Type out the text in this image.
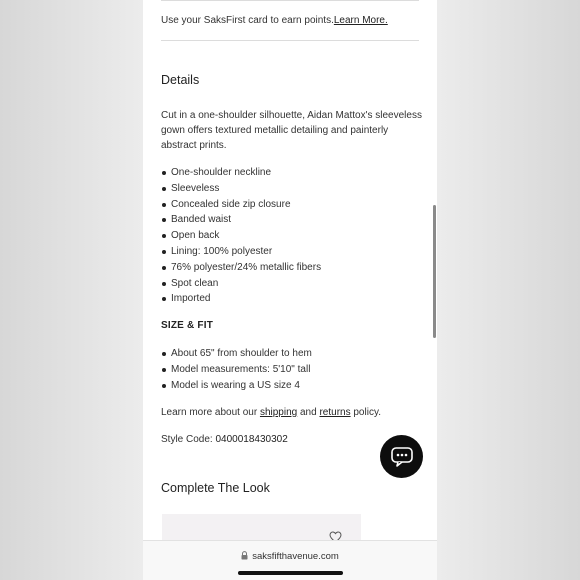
Use your SaksFirst card to earn points.Learn More.
Details
Cut in a one-shoulder silhouette, Aidan Mattox's sleeveless gown offers textured metallic detailing and painterly abstract prints.
One-shoulder neckline
Sleeveless
Concealed side zip closure
Banded waist
Open back
Lining: 100% polyester
76% polyester/24% metallic fibers
Spot clean
Imported
SIZE & FIT
About 65" from shoulder to hem
Model measurements: 5'10" tall
Model is wearing a US size 4
Learn more about our shipping and returns policy.
Style Code: 0400018430302
Complete The Look
saksfifthavenue.com
